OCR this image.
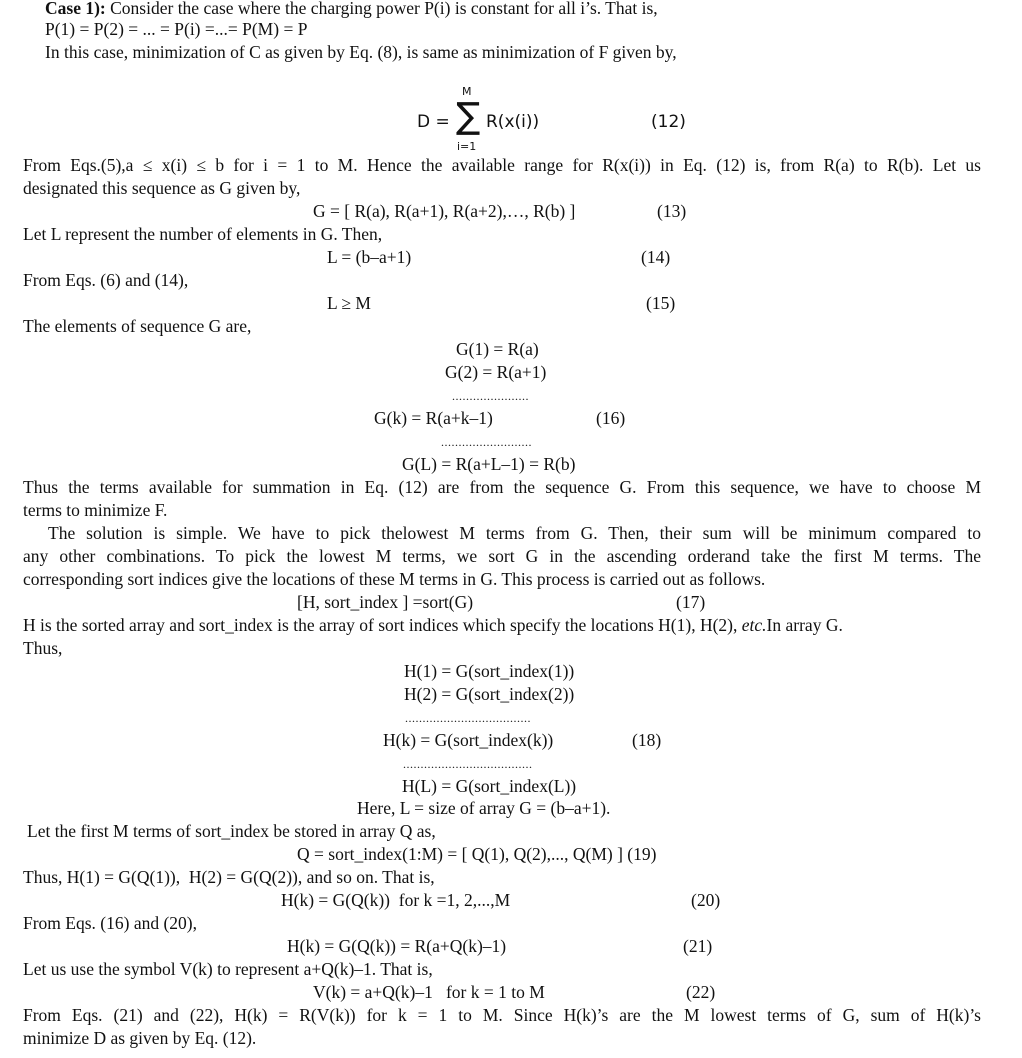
Case 1): Consider the case where the charging power P(i) is constant for all i’s. That is,
P(1) = P(2) = ... = P(i) =...= P(M) = P
In this case, minimization of C as given by Eq. (8), is same as minimization of F given by,
D = ∑
M
i=1
R(x(i))	(12)
From Eqs.(5),a ≤ x(i) ≤ b for i = 1 to M. Hence the available range for R(x(i)) in Eq. (12) is, from R(a) to R(b). Let us
designated this sequence as G given by,
G = [ R(a), R(a+1), R(a+2),…, R(b) ]	(13)
Let L represent the number of elements in G. Then,
L = (b–a+1)	(14)
From Eqs. (6) and (14),
L ≥ M	(15)
The elements of sequence G are,
G(1) = R(a)
G(2) = R(a+1)
......................
G(k) = R(a+k–1)	(16)
..........................
G(L) = R(a+L–1) = R(b)
Thus the terms available for summation in Eq. (12) are from the sequence G. From this sequence, we have to choose M
terms to minimize F.
The solution is simple. We have to pick thelowest M terms from G. Then, their sum will be minimum compared to
any other combinations. To pick the lowest M terms, we sort G in the ascending orderand take the first M terms. The
corresponding sort indices give the locations of these M terms in G. This process is carried out as follows.
[H, sort_index ] =sort(G)	(17)
H is the sorted array and sort_index is the array of sort indices which specify the locations H(1), H(2), etc.In array G.
Thus,
H(1) = G(sort_index(1))
H(2) = G(sort_index(2))
....................................
H(k) = G(sort_index(k))	(18)
.....................................
H(L) = G(sort_index(L))
Here, L = size of array G = (b–a+1).
Let the first M terms of sort_index be stored in array Q as,
Q = sort_index(1:M) = [ Q(1), Q(2),..., Q(M) ] (19)
Thus, H(1) = G(Q(1)),  H(2) = G(Q(2)), and so on. That is,
H(k) = G(Q(k))  for k =1, 2,...,M	(20)
From Eqs. (16) and (20),
H(k) = G(Q(k)) = R(a+Q(k)–1)	(21)
Let us use the symbol V(k) to represent a+Q(k)–1. That is,
V(k) = a+Q(k)–1   for k = 1 to M	(22)
From Eqs. (21) and (22), H(k) = R(V(k)) for k = 1 to M. Since H(k)’s are the M lowest terms of G, sum of H(k)’s
minimize D as given by Eq. (12).
